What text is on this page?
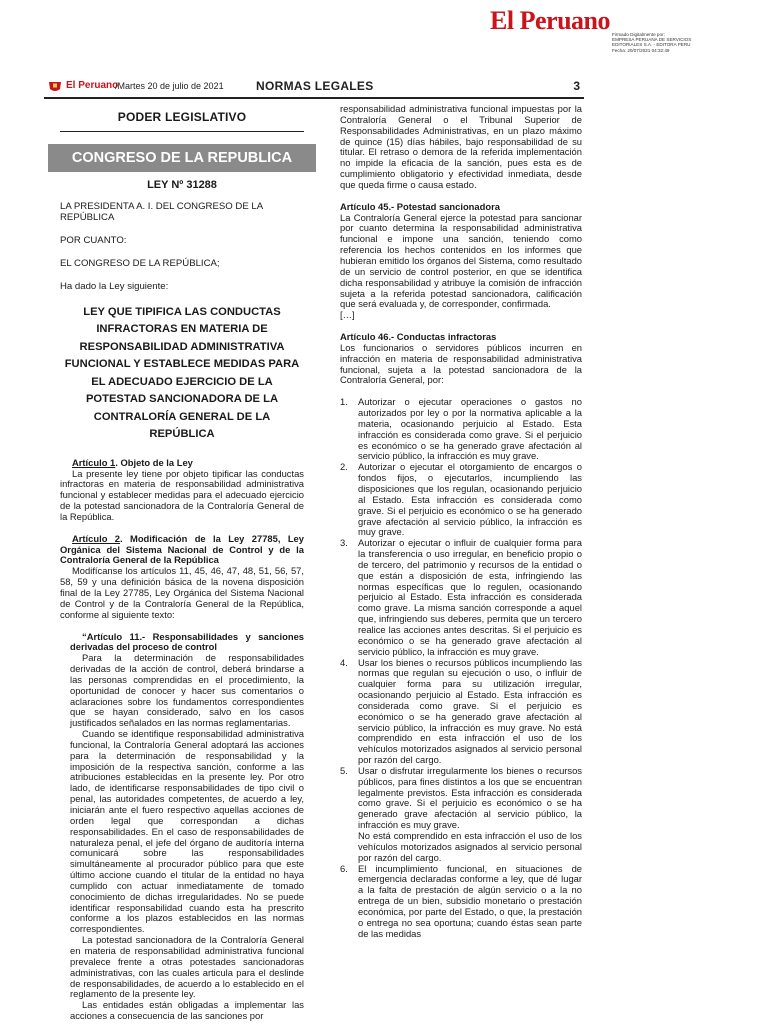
El Peruano Firmado Digitalmente por:
EMPRESA PERUANA DE SERVICIOS
EDITORIALES S.A. - EDITORA PERU
Fecha: 20/07/2021 04:32:49
El Peruano
/Martes 20 de julio de 2021	NORMAS LEGALES	3
PODER LEGISLATIVO
CONGRESO DE LA REPUBLICA
LEY Nº 31288
LA PRESIDENTA A. I. DEL CONGRESO DE LA REPÚBLICA
POR CUANTO:
EL CONGRESO DE LA REPÚBLICA;
Ha dado la Ley siguiente:
LEY QUE TIPIFICA LAS CONDUCTAS INFRACTORAS EN MATERIA DE RESPONSABILIDAD ADMINISTRATIVA FUNCIONAL Y ESTABLECE MEDIDAS PARA EL ADECUADO EJERCICIO DE LA POTESTAD SANCIONADORA DE LA CONTRALORÍA GENERAL DE LA REPÚBLICA

Artículo 1. Objeto de la Ley

La presente ley tiene por objeto tipificar las conductas infractoras en materia de responsabilidad administrativa funcional y establecer medidas para el adecuado ejercicio de la potestad sancionadora de la Contraloría General de la República.

Artículo 2. Modificación de la Ley 27785, Ley Orgánica del Sistema Nacional de Control y de la Contraloría General de la República

Modifícanse los artículos 11, 45, 46, 47, 48, 51, 56, 57, 58, 59 y una definición básica de la novena disposición final de la Ley 27785, Ley Orgánica del Sistema Nacional de Control y de la Contraloría General de la República, conforme al siguiente texto:

“Artículo 11.- Responsabilidades y sanciones derivadas del proceso de control

Para la determinación de responsabilidades derivadas de la acción de control, deberá brindarse a las personas comprendidas en el procedimiento, la oportunidad de conocer y hacer sus comentarios o aclaraciones sobre los fundamentos correspondientes que se hayan considerado, salvo en los casos justificados señalados en las normas reglamentarias.

Cuando se identifique responsabilidad administrativa funcional, la Contraloría General adoptará las acciones para la determinación de responsabilidad y la imposición de la respectiva sanción, conforme a las atribuciones establecidas en la presente ley. Por otro lado, de identificarse responsabilidades de tipo civil o penal, las autoridades competentes, de acuerdo a ley, iniciarán ante el fuero respectivo aquellas acciones de orden legal que correspondan a dichas responsabilidades. En el caso de responsabilidades de naturaleza penal, el jefe del órgano de auditoría interna comunicará sobre las responsabilidades simultáneamente al procurador público para que este último accione cuando el titular de la entidad no haya cumplido con actuar inmediatamente de tomado conocimiento de dichas irregularidades. No se puede identificar responsabilidad cuando esta ha prescrito conforme a los plazos establecidos en las normas correspondientes.

La potestad sancionadora de la Contraloría General en materia de responsabilidad administrativa funcional prevalece frente a otras potestades sancionadoras administrativas, con las cuales articula para el deslinde de responsabilidades, de acuerdo a lo establecido en el reglamento de la presente ley.

Las entidades están obligadas a implementar las acciones a consecuencia de las sanciones por

responsabilidad administrativa funcional impuestas por la Contraloría General o el Tribunal Superior de Responsabilidades Administrativas, en un plazo máximo de quince (15) días hábiles, bajo responsabilidad de su titular. El retraso o demora de la referida implementación no impide la eficacia de la sanción, pues esta es de cumplimiento obligatorio y efectividad inmediata, desde que queda firme o causa estado.

Artículo 45.- Potestad sancionadora

La Contraloría General ejerce la potestad para sancionar por cuanto determina la responsabilidad administrativa funcional e impone una sanción, teniendo como referencia los hechos contenidos en los informes que hubieran emitido los órganos del Sistema, como resultado de un servicio de control posterior, en que se identifica dicha responsabilidad y atribuye la comisión de infracción sujeta a la referida potestad sancionadora, calificación que será evaluada y, de corresponder, confirmada.

[…]

Artículo 46.- Conductas infractoras

Los funcionarios o servidores públicos incurren en infracción en materia de responsabilidad administrativa funcional, sujeta a la potestad sancionadora de la Contraloría General, por:

1. Autorizar o ejecutar operaciones o gastos no autorizados por ley o por la normativa aplicable a la materia, ocasionando perjuicio al Estado. Esta infracción es considerada como grave. Si el perjuicio es económico o se ha generado grave afectación al servicio público, la infracción es muy grave.
2. Autorizar o ejecutar el otorgamiento de encargos o fondos fijos, o ejecutarlos, incumpliendo las disposiciones que los regulan, ocasionando perjuicio al Estado. Esta infracción es considerada como grave. Si el perjuicio es económico o se ha generado grave afectación al servicio público, la infracción es muy grave.
3. Autorizar o ejecutar o influir de cualquier forma para la transferencia o uso irregular, en beneficio propio o de tercero, del patrimonio y recursos de la entidad o que están a disposición de esta, infringiendo las normas específicas que lo regulen, ocasionando perjuicio al Estado. Esta infracción es considerada como grave. La misma sanción corresponde a aquel que, infringiendo sus deberes, permita que un tercero realice las acciones antes descritas. Si el perjuicio es económico o se ha generado grave afectación al servicio público, la infracción es muy grave.
4. Usar los bienes o recursos públicos incumpliendo las normas que regulan su ejecución o uso, o influir de cualquier forma para su utilización irregular, ocasionando perjuicio al Estado. Esta infracción es considerada como grave. Si el perjuicio es económico o se ha generado grave afectación al servicio público, la infracción es muy grave. No está comprendido en esta infracción el uso de los vehículos motorizados asignados al servicio personal por razón del cargo.
5. Usar o disfrutar irregularmente los bienes o recursos públicos, para fines distintos a los que se encuentran legalmente previstos. Esta infracción es considerada como grave. Si el perjuicio es económico o se ha generado grave afectación al servicio público, la infracción es muy grave.
No está comprendido en esta infracción el uso de los vehículos motorizados asignados al servicio personal por razón del cargo.
6. El incumplimiento funcional, en situaciones de emergencia declaradas conforme a ley, que dé lugar a la falta de prestación de algún servicio o a la no entrega de un bien, subsidio monetario o prestación económica, por parte del Estado, o que, la prestación o entrega no sea oportuna; cuando éstas sean parte de las medidas
